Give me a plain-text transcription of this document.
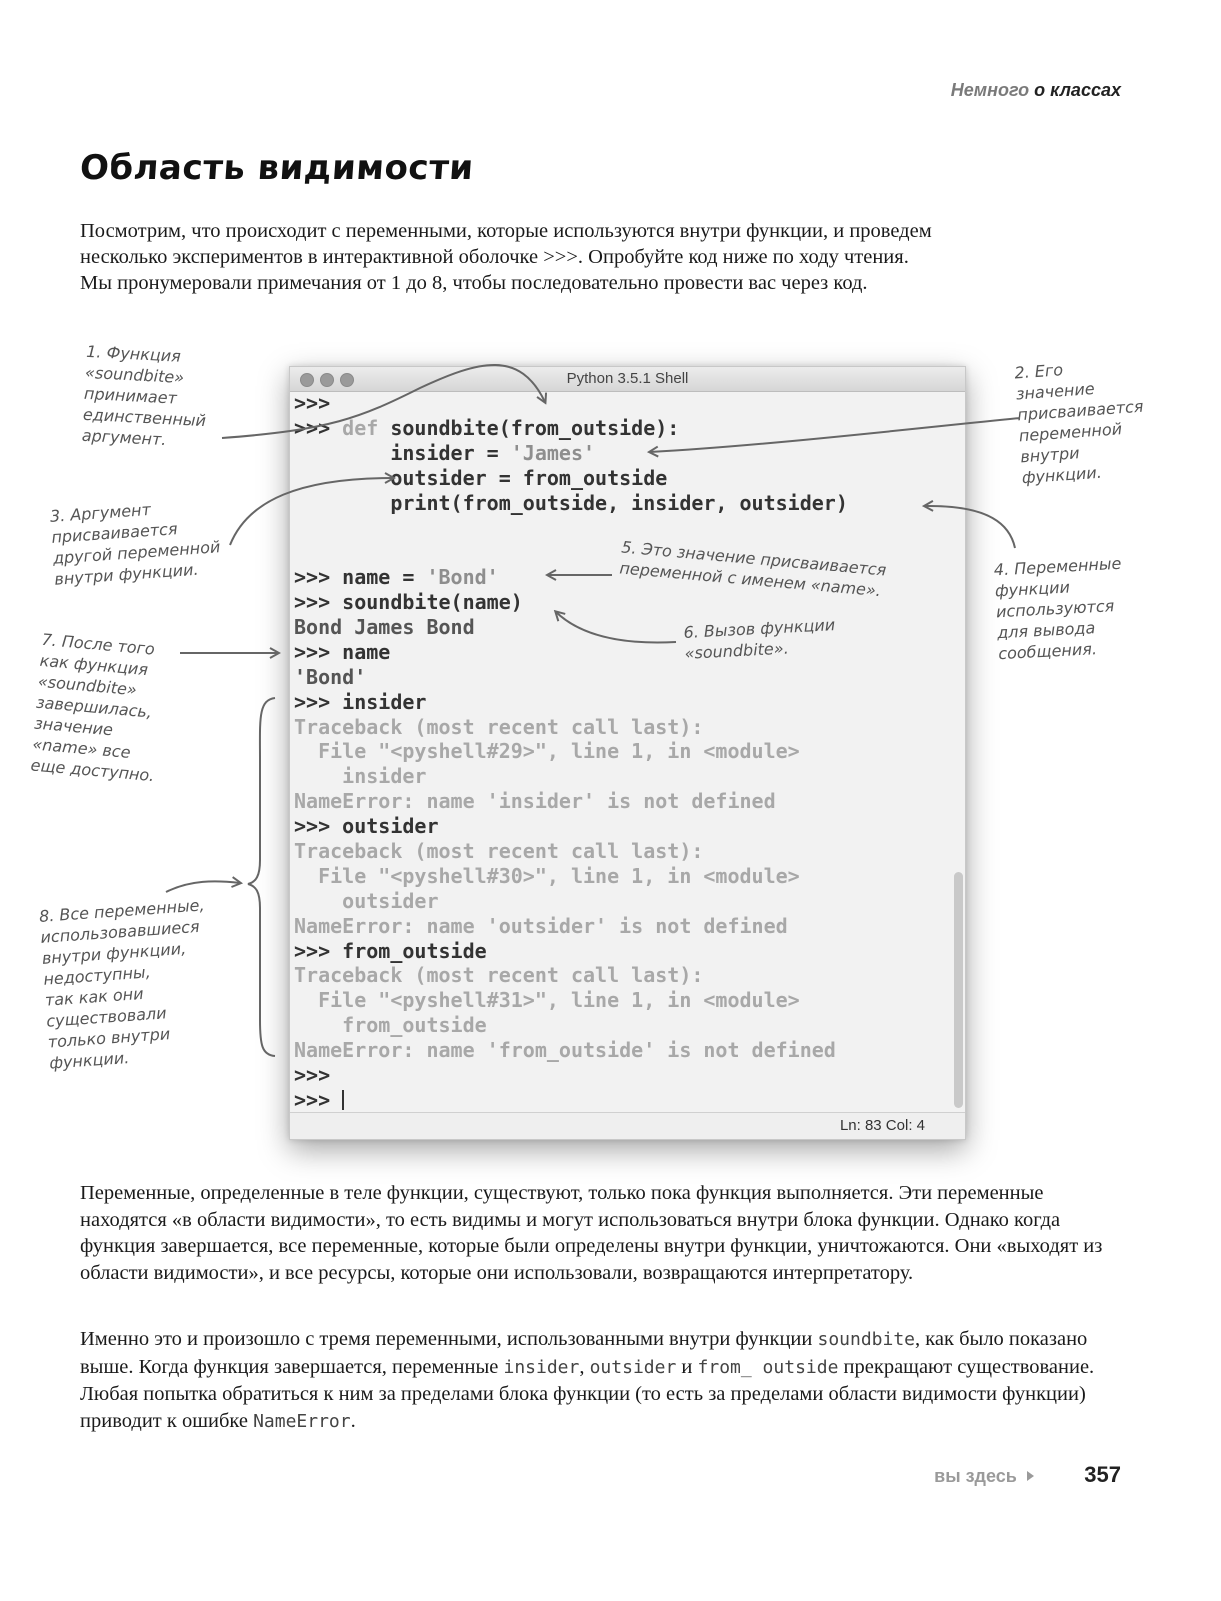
Немного о классах
Область видимости

Посмотрим, что происходит с переменными, которые используются внутри функции, и проведем несколько экспериментов в интерактивной оболочке >>>. Опробуйте код ниже по ходу чтения. Мы пронумеровали примечания от 1 до 8, чтобы последовательно провести вас через код.

Python 3.5.1 Shell
>>>
>>> def soundbite(from_outside):
insider = 'James'
outsider = from_outside
print(from_outside, insider, outsider)
>>> name = 'Bond'
>>> soundbite(name)
Bond James Bond
>>> name
'Bond'
>>> insider
Traceback (most recent call last):
File "<pyshell#29>", line 1, in <module>
insider
NameError: name 'insider' is not defined
>>> outsider
Traceback (most recent call last):
File "<pyshell#30>", line 1, in <module>
outsider
NameError: name 'outsider' is not defined
>>> from_outside
Traceback (most recent call last):
File "<pyshell#31>", line 1, in <module>
from_outside
NameError: name 'from_outside' is not defined
>>>
>>>
Ln: 83 Col: 4
1. Функция
«soundbite»
принимает
единственный
аргумент.
2. Его
значение
присваивается
переменной
внутри
функции.
3. Аргумент
присваивается
другой переменной
внутри функции.	4. Переменные
функции
используются
для вывода
сообщения.
5. Это значение присваивается
переменной с именем «name».
6. Вызов функции
«soundbite».
7. После того
как функция
«soundbite»
завершилась,
значение
«name» все
еще доступно.
8. Все переменные,
использовавшиеся
внутри функции,
недоступны,
так как они
существовали
только внутри
функции.

Переменные, определенные в теле функции, существуют, только пока функция выполняется. Эти переменные находятся «в области видимости», то есть видимы и могут использоваться внутри блока функции. Однако когда функция завершается, все переменные, которые были определены внутри функции, уничтожаются. Они «выходят из области видимости», и все ресурсы, которые они использовали, возвращаются интерпретатору.

Именно это и произошло с тремя переменными, использованными внутри функции soundbite, как было показано выше. Когда функция завершается, переменные insider, outsider и from_ outside прекращают существование. Любая попытка обратиться к ним за пределами блока функции (то есть за пределами области видимости функции) приводит к ошибке NameError.

вы здесь	357
